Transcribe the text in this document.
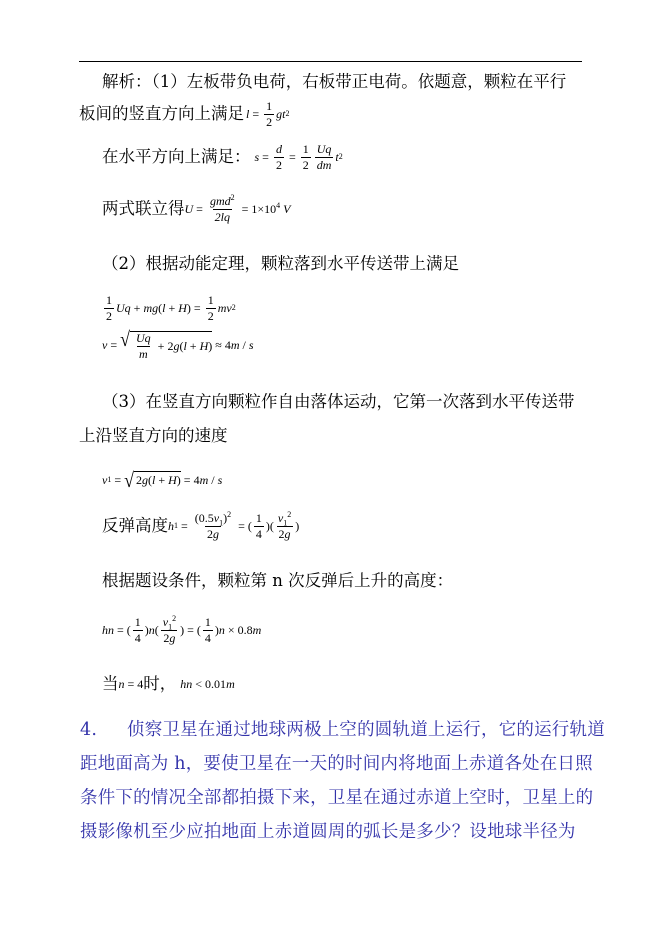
解析：（1）左板带负电荷，右板带正电荷。依题意，颗粒在平行
板间的竖直方向上满足 $l = \frac{1}{2}$ gt 2
在水平方向上满足： $s = \frac{d}{2} = \frac{1}{2} \frac{Uq}{dm}$ t 2
两式联立得 $U = \frac{gmd^2}{2lq} = 1\times 10^4$ V
（2）根据动能定理，颗粒落到水平传送带上满足
$\frac{1}{2}$ Uq + mg ( l + H ) = $\frac{1}{2}$ mv 2
v = √ $\frac{Uq}{m} + 2$ g ( l + H ) ≈ 4 m / s
（3）在竖直方向颗粒作自由落体运动，它第一次落到水平传送带
上沿竖直方向的速度
v 1 = √ 2 g ( l + H ) = 4 m / s
反弹高度 h $1 = \frac{(0.5v_1)^2}{2g}$ = ( $\frac{1}{4}$ )( $\frac{v_1^2}{2g}$ )
根据题设条件，颗粒第 n 次反弹后上升的高度：
h n = ( $\frac{1}{4}$ ) n ( $\frac{v_1^2}{2g}$ ) = ( $\frac{1}{4}$ ) n × 0.8 m
当 n = 4 时， h n < 0.01 m
4. 侦察卫星在通过地球两极上空的圆轨道上运行，它的运行轨道
距地面高为 h，要使卫星在一天的时间内将地面上赤道各处在日照
条件下的情况全部都拍摄下来，卫星在通过赤道上空时，卫星上的
摄影像机至少应拍地面上赤道圆周的弧长是多少？设地球半径为
